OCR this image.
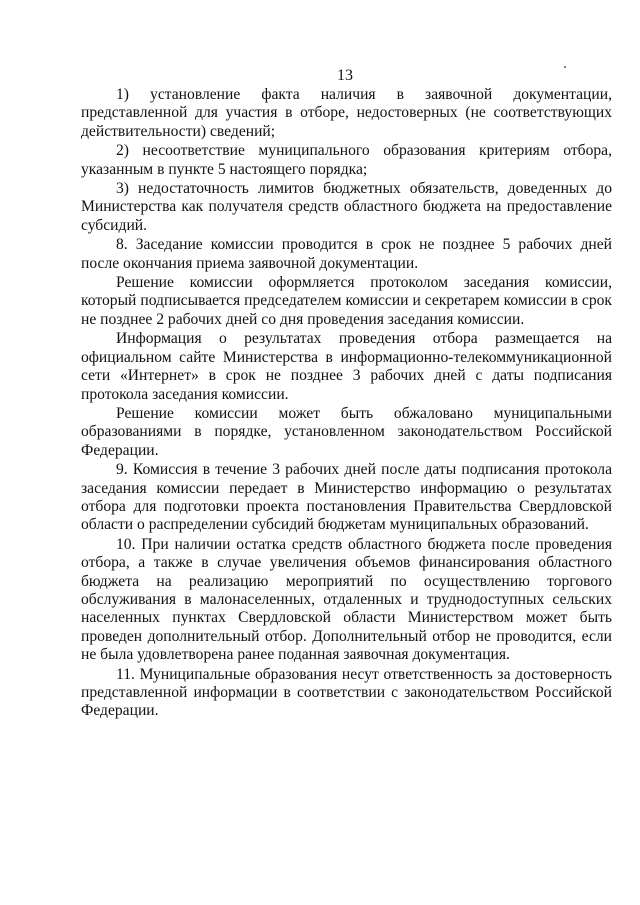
13

1) установление факта наличия в заявочной документации, представленной для участия в отборе, недостоверных (не соответствующих действительности) сведений;

2) несоответствие муниципального образования критериям отбора, указанным в пункте 5 настоящего порядка;

3) недостаточность лимитов бюджетных обязательств, доведенных до Министерства как получателя средств областного бюджета на предоставление субсидий.

8. Заседание комиссии проводится в срок не позднее 5 рабочих дней после окончания приема заявочной документации.

Решение комиссии оформляется протоколом заседания комиссии, который подписывается председателем комиссии и секретарем комиссии в срок не позднее 2 рабочих дней со дня проведения заседания комиссии.

Информация о результатах проведения отбора размещается на официальном сайте Министерства в информационно-телекоммуникационной сети «Интернет» в срок не позднее 3 рабочих дней с даты подписания протокола заседания комиссии.

Решение комиссии может быть обжаловано муниципальными образованиями в порядке, установленном законодательством Российской Федерации.

9. Комиссия в течение 3 рабочих дней после даты подписания протокола заседания комиссии передает в Министерство информацию о результатах отбора для подготовки проекта постановления Правительства Свердловской области о распределении субсидий бюджетам муниципальных образований.

10. При наличии остатка средств областного бюджета после проведения отбора, а также в случае увеличения объемов финансирования областного бюджета на реализацию мероприятий по осуществлению торгового обслуживания в малонаселенных, отдаленных и труднодоступных сельских населенных пунктах Свердловской области Министерством может быть проведен дополнительный отбор. Дополнительный отбор не проводится, если не была удовлетворена ранее поданная заявочная документация.

11. Муниципальные образования несут ответственность за достоверность представленной информации в соответствии с законодательством Российской Федерации.
